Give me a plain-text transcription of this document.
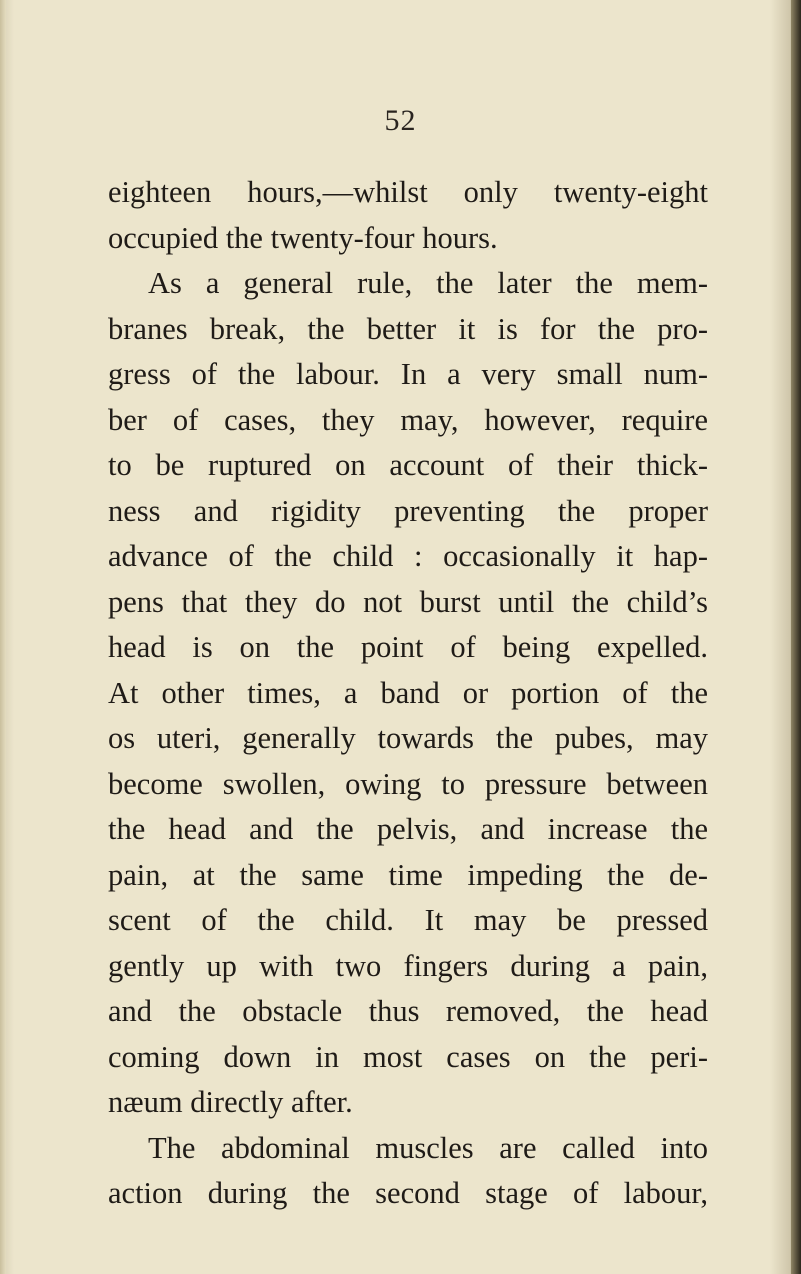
52
eighteen hours,—whilst only twenty-eight
occupied the twenty-four hours.
As a general rule, the later the mem-
branes break, the better it is for the pro-
gress of the labour. In a very small num-
ber of cases, they may, however, require
to be ruptured on account of their thick-
ness and rigidity preventing the proper
advance of the child : occasionally it hap-
pens that they do not burst until the child’s
head is on the point of being expelled.
At other times, a band or portion of the
os uteri, generally towards the pubes, may
become swollen, owing to pressure between
the head and the pelvis, and increase the
pain, at the same time impeding the de-
scent of the child. It may be pressed
gently up with two fingers during a pain,
and the obstacle thus removed, the head
coming down in most cases on the peri-
næum directly after.
The abdominal muscles are called into
action during the second stage of labour,
